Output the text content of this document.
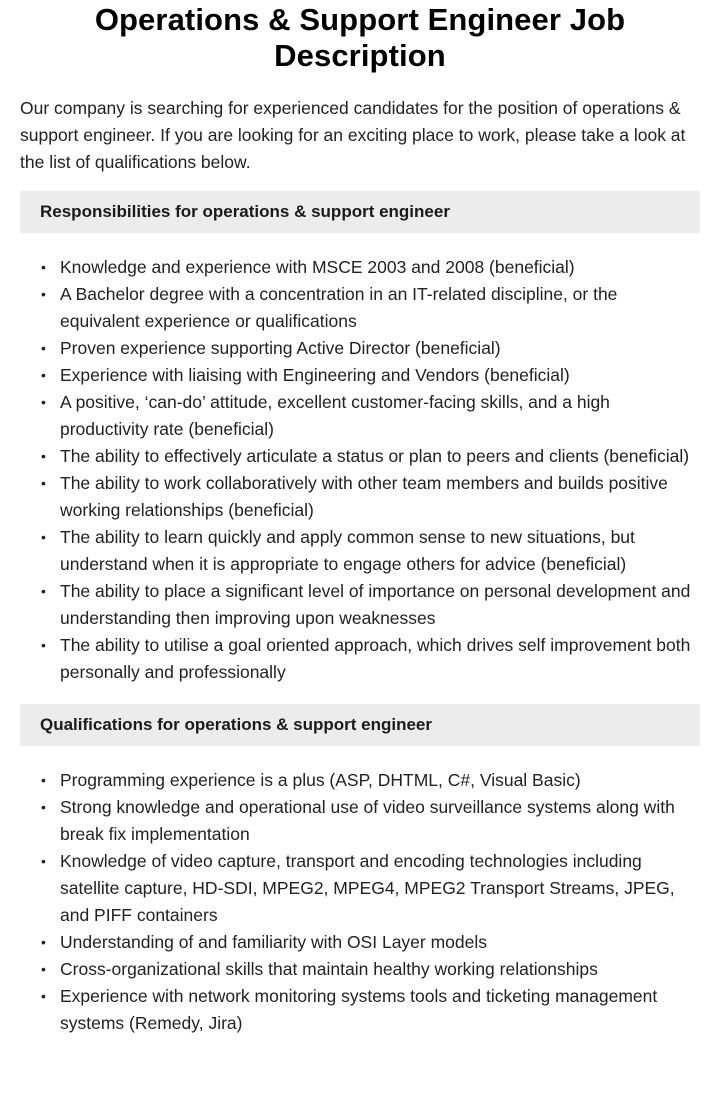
Operations & Support Engineer Job Description

Our company is searching for experienced candidates for the position of operations & support engineer. If you are looking for an exciting place to work, please take a look at the list of qualifications below.

Responsibilities for operations & support engineer
• Knowledge and experience with MSCE 2003 and 2008 (beneficial)
• A Bachelor degree with a concentration in an IT-related discipline, or the equivalent experience or qualifications
• Proven experience supporting Active Director (beneficial)
• Experience with liaising with Engineering and Vendors (beneficial)
• A positive, ‘can-do’ attitude, excellent customer-facing skills, and a high productivity rate (beneficial)
• The ability to effectively articulate a status or plan to peers and clients (beneficial)
• The ability to work collaboratively with other team members and builds positive working relationships (beneficial)
• The ability to learn quickly and apply common sense to new situations, but understand when it is appropriate to engage others for advice (beneficial)
• The ability to place a significant level of importance on personal development and understanding then improving upon weaknesses
• The ability to utilise a goal oriented approach, which drives self improvement both personally and professionally
Qualifications for operations & support engineer
• Programming experience is a plus (ASP, DHTML, C#, Visual Basic)
• Strong knowledge and operational use of video surveillance systems along with break fix implementation
• Knowledge of video capture, transport and encoding technologies including satellite capture, HD-SDI, MPEG2, MPEG4, MPEG2 Transport Streams, JPEG, and PIFF containers
• Understanding of and familiarity with OSI Layer models
• Cross-organizational skills that maintain healthy working relationships
• Experience with network monitoring systems tools and ticketing management systems (Remedy, Jira)
